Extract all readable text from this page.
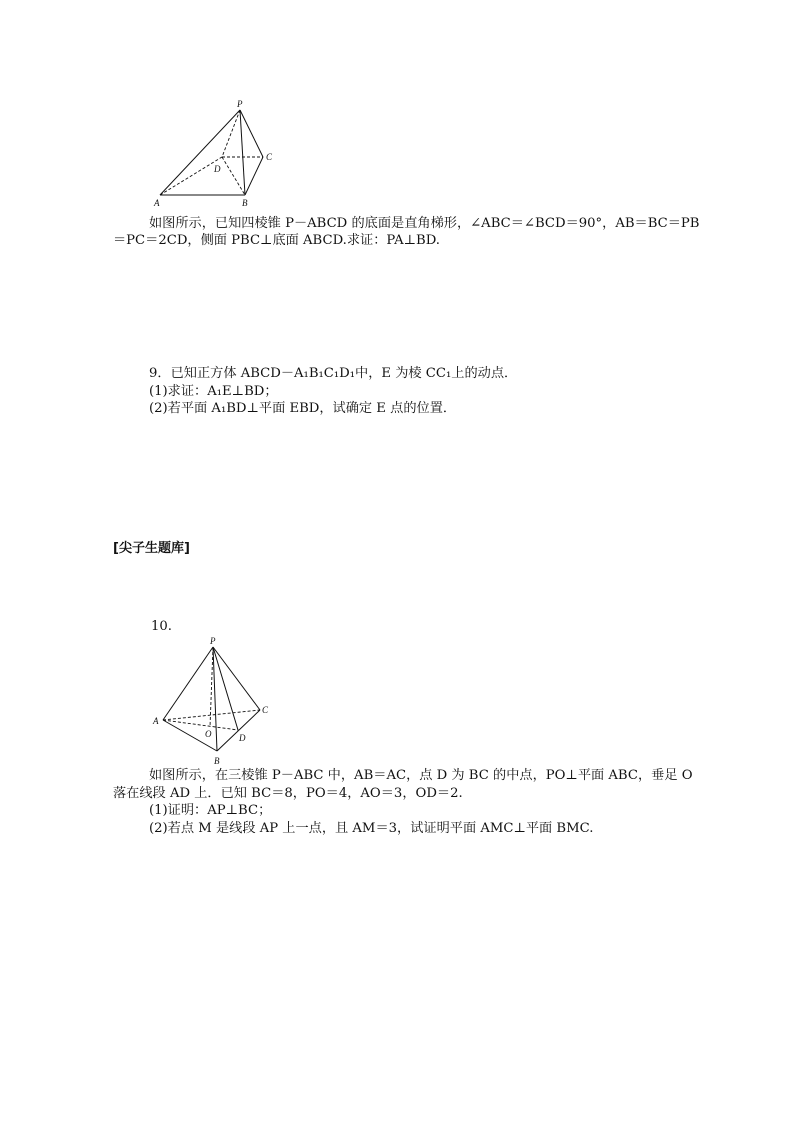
P
A	B
C
D
如图所示，已知四棱锥 P－ABCD 的底面是直角梯形，∠ABC＝∠BCD＝90°，AB＝BC＝PB
＝PC＝2CD，侧面 PBC⊥底面 ABCD.求证：PA⊥BD.
9．已知正方体 ABCD－A₁B₁C₁D₁中，E 为棱 CC₁上的动点．
(1)求证：A₁E⊥BD；
(2)若平面 A₁BD⊥平面 EBD，试确定 E 点的位置．
[尖子生题库]
10.
P
A
B
C
D
O
如图所示，在三棱锥 P－ABC 中，AB＝AC，点 D 为 BC 的中点，PO⊥平面 ABC，垂足 O
落在线段 AD 上．已知 BC＝8，PO＝4，AO＝3，OD＝2.
(1)证明：AP⊥BC；
(2)若点 M 是线段 AP 上一点，且 AM＝3，试证明平面 AMC⊥平面 BMC.
